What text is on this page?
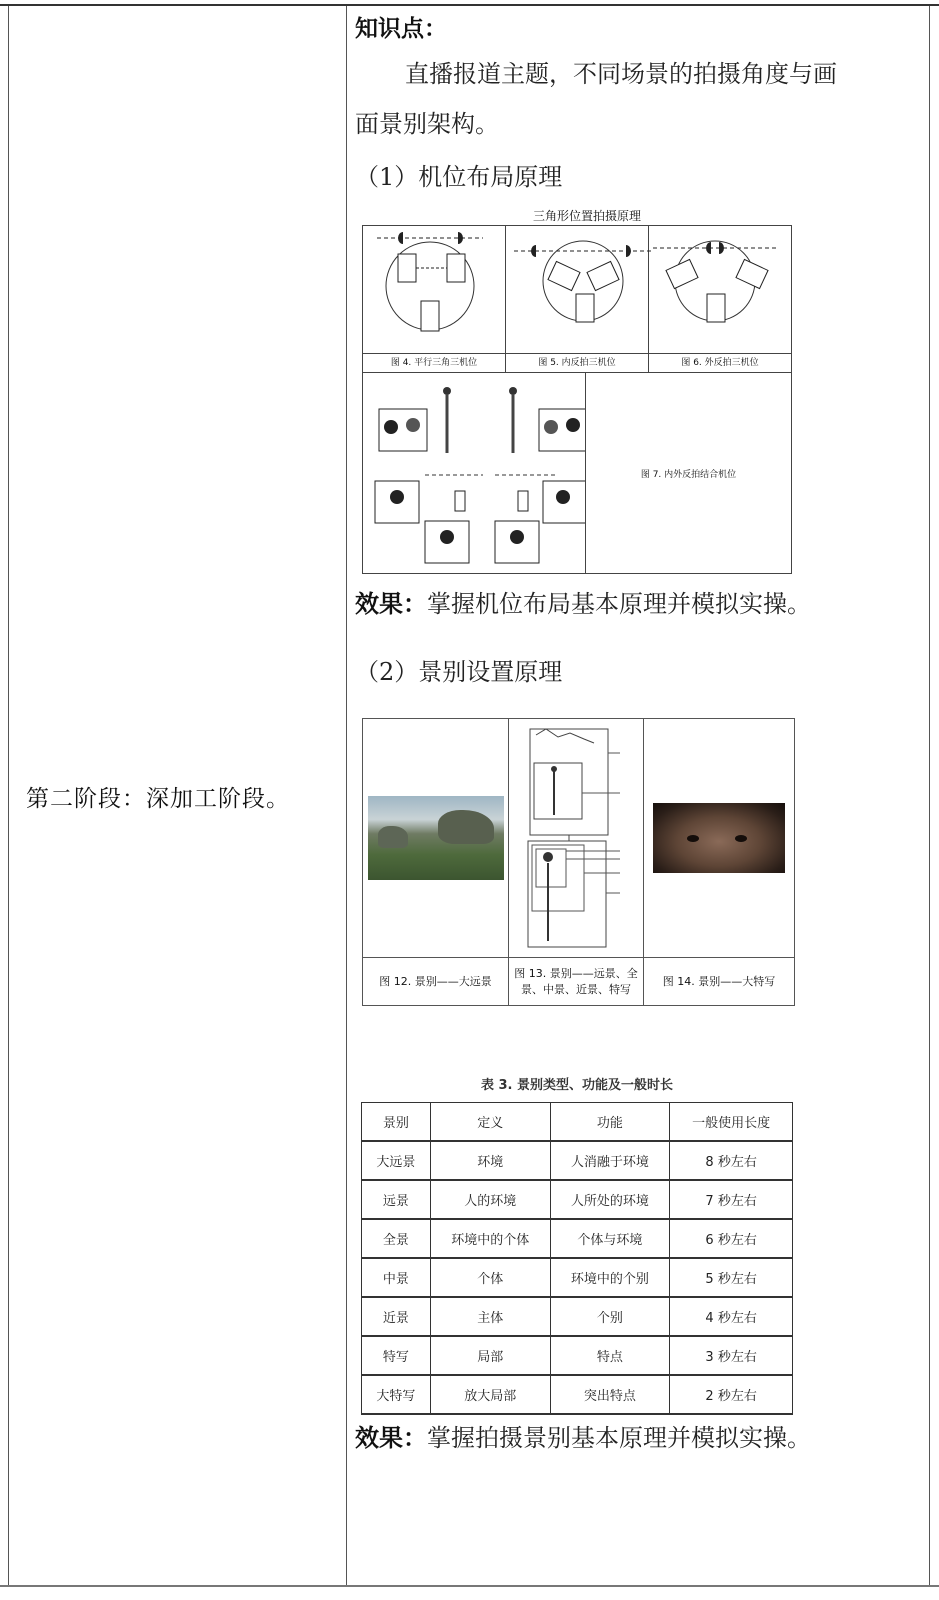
第二阶段：深加工阶段。
知识点：
直播报道主题，不同场景的拍摄角度与画
面景别架构。
（1）机位布局原理
三角形位置拍摄原理
图 4. 平行三角三机位	图 5. 内反拍三机位	图 6. 外反拍三机位
图 7. 内外反拍结合机位
效果：掌握机位布局基本原理并模拟实操。
（2）景别设置原理
图 12. 景别——大远景
图 13. 景别——远景、全景、中景、近景、特写
图 14. 景别——大特写
表 3. 景别类型、功能及一般时长
景别	定义	功能	一般使用长度
大远景	环境	人消融于环境	8 秒左右
远景	人的环境	人所处的环境	7 秒左右
全景	环境中的个体	个体与环境	6 秒左右
中景	个体	环境中的个别	5 秒左右
近景	主体	个别	4 秒左右
特写	局部	特点	3 秒左右
大特写	放大局部	突出特点	2 秒左右
效果：掌握拍摄景别基本原理并模拟实操。
